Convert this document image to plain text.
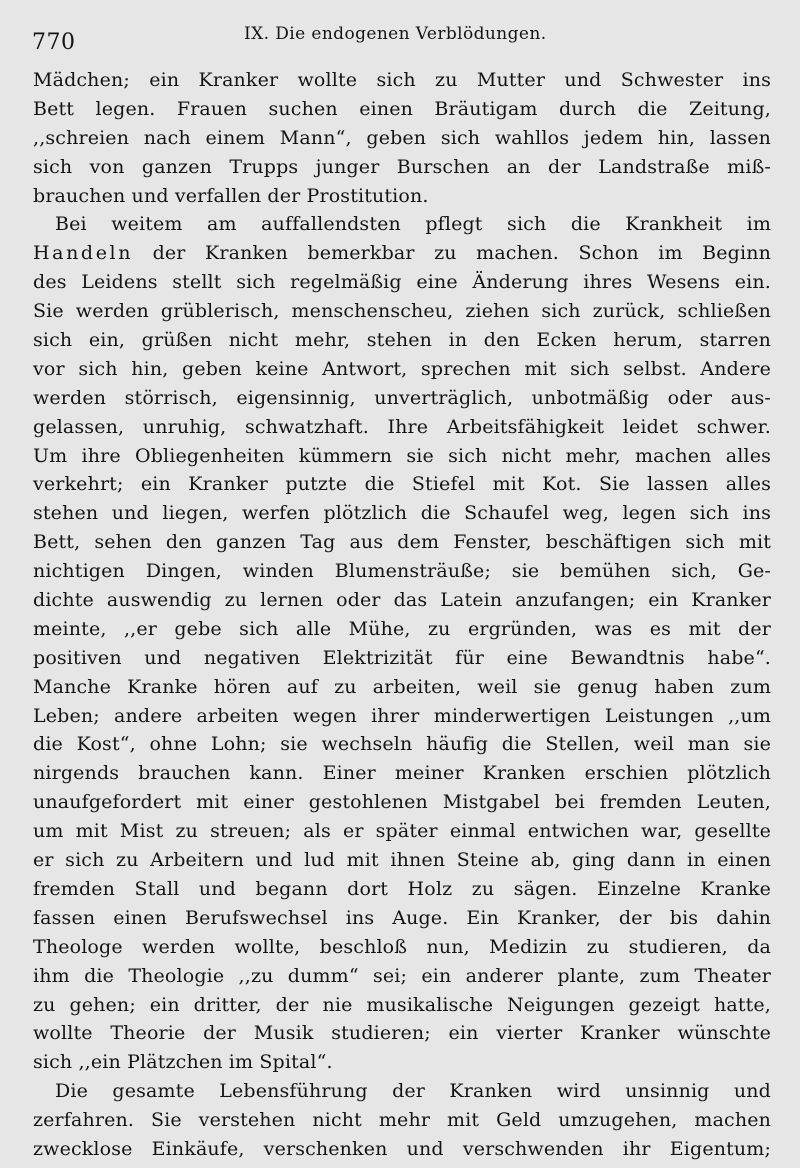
770	IX. Die endogenen Verblödungen.
Mädchen; ein Kranker wollte sich zu Mutter und Schwester ins
Bett legen. Frauen suchen einen Bräutigam durch die Zeitung,
,,schreien nach einem Mann“, geben sich wahllos jedem hin, lassen
sich von ganzen Trupps junger Burschen an der Landstraße miß-
brauchen und verfallen der Prostitution.
Bei weitem am auffallendsten pflegt sich die Krankheit im
Handeln der Kranken bemerkbar zu machen. Schon im Beginn
des Leidens stellt sich regelmäßig eine Änderung ihres Wesens ein.
Sie werden grüblerisch, menschenscheu, ziehen sich zurück, schließen
sich ein, grüßen nicht mehr, stehen in den Ecken herum, starren
vor sich hin, geben keine Antwort, sprechen mit sich selbst. Andere
werden störrisch, eigensinnig, unverträglich, unbotmäßig oder aus-
gelassen, unruhig, schwatzhaft. Ihre Arbeitsfähigkeit leidet schwer.
Um ihre Obliegenheiten kümmern sie sich nicht mehr, machen alles
verkehrt; ein Kranker putzte die Stiefel mit Kot. Sie lassen alles
stehen und liegen, werfen plötzlich die Schaufel weg, legen sich ins
Bett, sehen den ganzen Tag aus dem Fenster, beschäftigen sich mit
nichtigen Dingen, winden Blumensträuße; sie bemühen sich, Ge-
dichte auswendig zu lernen oder das Latein anzufangen; ein Kranker
meinte, ,,er gebe sich alle Mühe, zu ergründen, was es mit der
positiven und negativen Elektrizität für eine Bewandtnis habe“.
Manche Kranke hören auf zu arbeiten, weil sie genug haben zum
Leben; andere arbeiten wegen ihrer minderwertigen Leistungen ,,um
die Kost“, ohne Lohn; sie wechseln häufig die Stellen, weil man sie
nirgends brauchen kann. Einer meiner Kranken erschien plötzlich
unaufgefordert mit einer gestohlenen Mistgabel bei fremden Leuten,
um mit Mist zu streuen; als er später einmal entwichen war, gesellte
er sich zu Arbeitern und lud mit ihnen Steine ab, ging dann in einen
fremden Stall und begann dort Holz zu sägen. Einzelne Kranke
fassen einen Berufswechsel ins Auge. Ein Kranker, der bis dahin
Theologe werden wollte, beschloß nun, Medizin zu studieren, da
ihm die Theologie ,,zu dumm“ sei; ein anderer plante, zum Theater
zu gehen; ein dritter, der nie musikalische Neigungen gezeigt hatte,
wollte Theorie der Musik studieren; ein vierter Kranker wünschte
sich ,,ein Plätzchen im Spital“.
Die gesamte Lebensführung der Kranken wird unsinnig und
zerfahren. Sie verstehen nicht mehr mit Geld umzugehen, machen
zwecklose Einkäufe, verschenken und verschwenden ihr Eigentum;
